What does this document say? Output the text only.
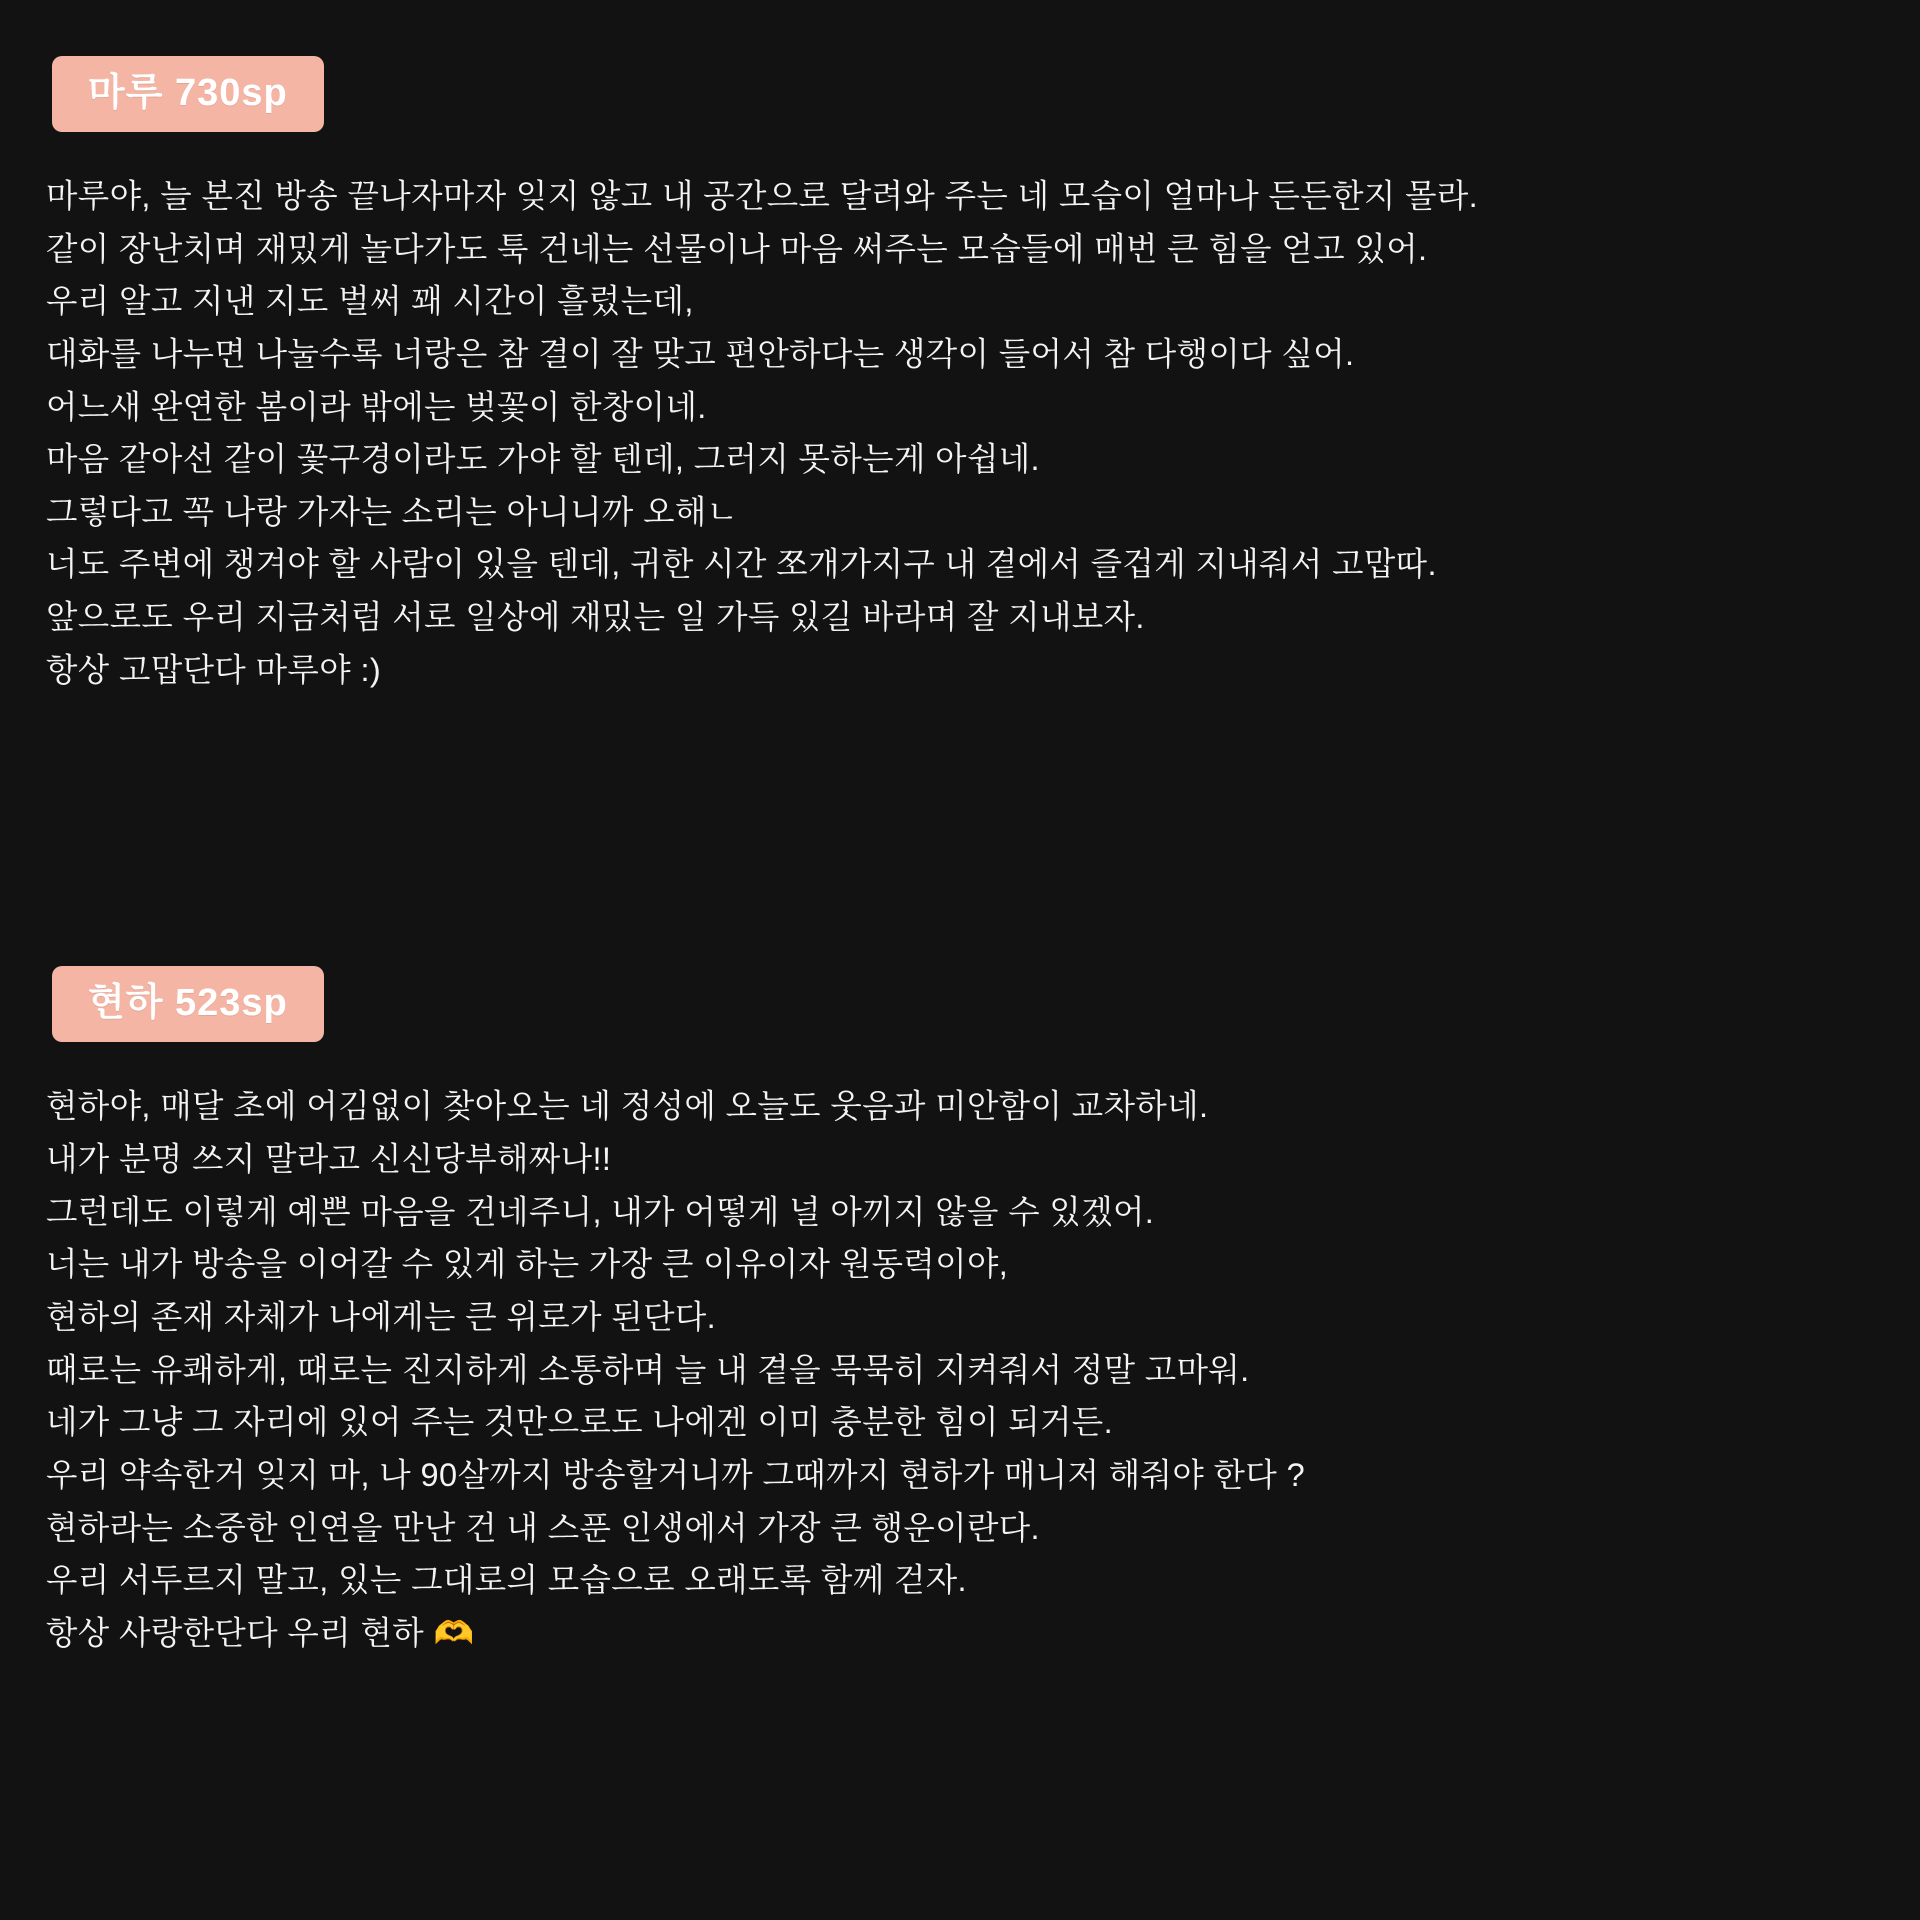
마루 730sp
마루야, 늘 본진 방송 끝나자마자 잊지 않고 내 공간으로 달려와 주는 네 모습이 얼마나 든든한지 몰라.
같이 장난치며 재밌게 놀다가도 툭 건네는 선물이나 마음 써주는 모습들에 매번 큰 힘을 얻고 있어.
우리 알고 지낸 지도 벌써 꽤 시간이 흘렀는데,
대화를 나누면 나눌수록 너랑은 참 결이 잘 맞고 편안하다는 생각이 들어서 참 다행이다 싶어.
어느새 완연한 봄이라 밖에는 벚꽃이 한창이네.
마음 같아선 같이 꽃구경이라도 가야 할 텐데, 그러지 못하는게 아쉽네.
그렇다고 꼭 나랑 가자는 소리는 아니니까 오해ㄴ
너도 주변에 챙겨야 할 사람이 있을 텐데, 귀한 시간 쪼개가지구 내 곁에서 즐겁게 지내줘서 고맙따.
앞으로도 우리 지금처럼 서로 일상에 재밌는 일 가득 있길 바라며 잘 지내보자.
항상 고맙단다 마루야 :)
현하 523sp
현하야, 매달 초에 어김없이 찾아오는 네 정성에 오늘도 웃음과 미안함이 교차하네.
내가 분명 쓰지 말라고 신신당부해짜나!!
그런데도 이렇게 예쁜 마음을 건네주니, 내가 어떻게 널 아끼지 않을 수 있겠어.
너는 내가 방송을 이어갈 수 있게 하는 가장 큰 이유이자 원동력이야,
현하의 존재 자체가 나에게는 큰 위로가 된단다.
때로는 유쾌하게, 때로는 진지하게 소통하며 늘 내 곁을 묵묵히 지켜줘서 정말 고마워.
네가 그냥 그 자리에 있어 주는 것만으로도 나에겐 이미 충분한 힘이 되거든.
우리 약속한거 잊지 마, 나 90살까지 방송할거니까 그때까지 현하가 매니저 해줘야 한다 ?
현하라는 소중한 인연을 만난 건 내 스푼 인생에서 가장 큰 행운이란다.
우리 서두르지 말고, 있는 그대로의 모습으로 오래도록 함께 걷자.
항상 사랑한단다 우리 현하 🫶
